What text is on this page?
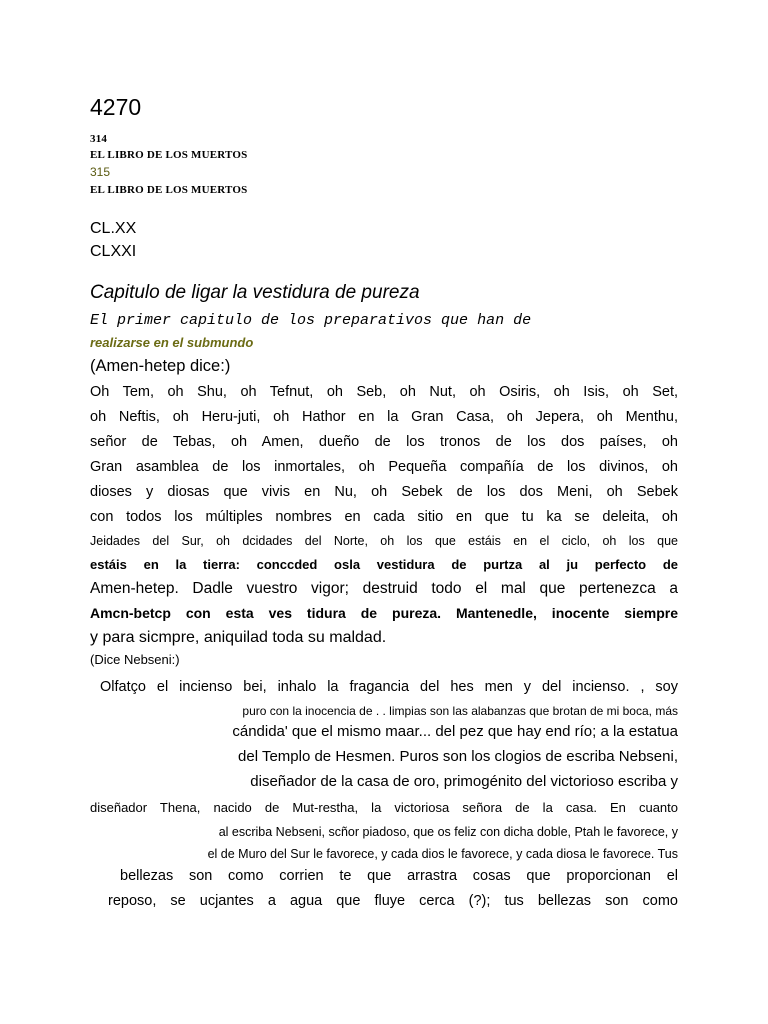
4270
314
EL LIBRO DE LOS MUERTOS
315
EL LIBRO DE LOS MUERTOS
CL.XX
CLXXI
Capitulo de ligar la vestidura de pureza
El primer capitulo de los preparativos que han de
realizarse en el submundo
(Amen-hetep dice:)
Oh Tem, oh Shu, oh Tefnut, oh Seb, oh Nut, oh Osiris, oh Isis, oh Set,
oh Neftis, oh Heru-juti, oh Hathor en la Gran Casa, oh Jepera, oh Menthu,
señor de Tebas, oh Amen, dueño de los tronos de los dos países, oh
Gran asamblea de los inmortales, oh Pequeña compañía de los divinos, oh
dioses y diosas que vivis en Nu, oh Sebek de los dos Meni, oh Sebek
con todos los múltiples nombres en cada sitio en que tu ka se deleita, oh
Jeidades del Sur, oh dcidades del Norte, oh los que estáis en el ciclo, oh los que
estáis en la tierra: conccded osla vestidura de purtza al ju perfecto de
Amen-hetep. Dadle vuestro vigor; destruid todo el mal que pertenezca a
Amcn-betcp con esta ves tidura de pureza. Mantenedle, inocente siempre
y para sicmpre, aniquilad toda su maldad.
(Dice Nebseni:)
Olfatço el incienso bei, inhalo la fragancia del hes men y del incienso. , soy
puro con la inocencia de . . limpias son las alabanzas que brotan de mi boca, más
cándida' que el mismo maar... del pez que hay end río; a la estatua
del Templo de Hesmen. Puros son los clogios de escriba Nebseni,
diseñador de la casa de oro, primogénito del victorioso escriba y
diseñador Thena, nacido de Mut-restha, la victoriosa señora de la casa. En cuanto
al escriba Nebseni, scñor piadoso, que os feliz con dicha doble, Ptah le favorece, y
el de Muro del Sur le favorece, y cada dios le favorece, y cada diosa le favorece. Tus
bellezas son como corrien te que arrastra cosas que proporcionan el
reposo, se ucjantes a agua que fluye cerca (?); tus bellezas son como
